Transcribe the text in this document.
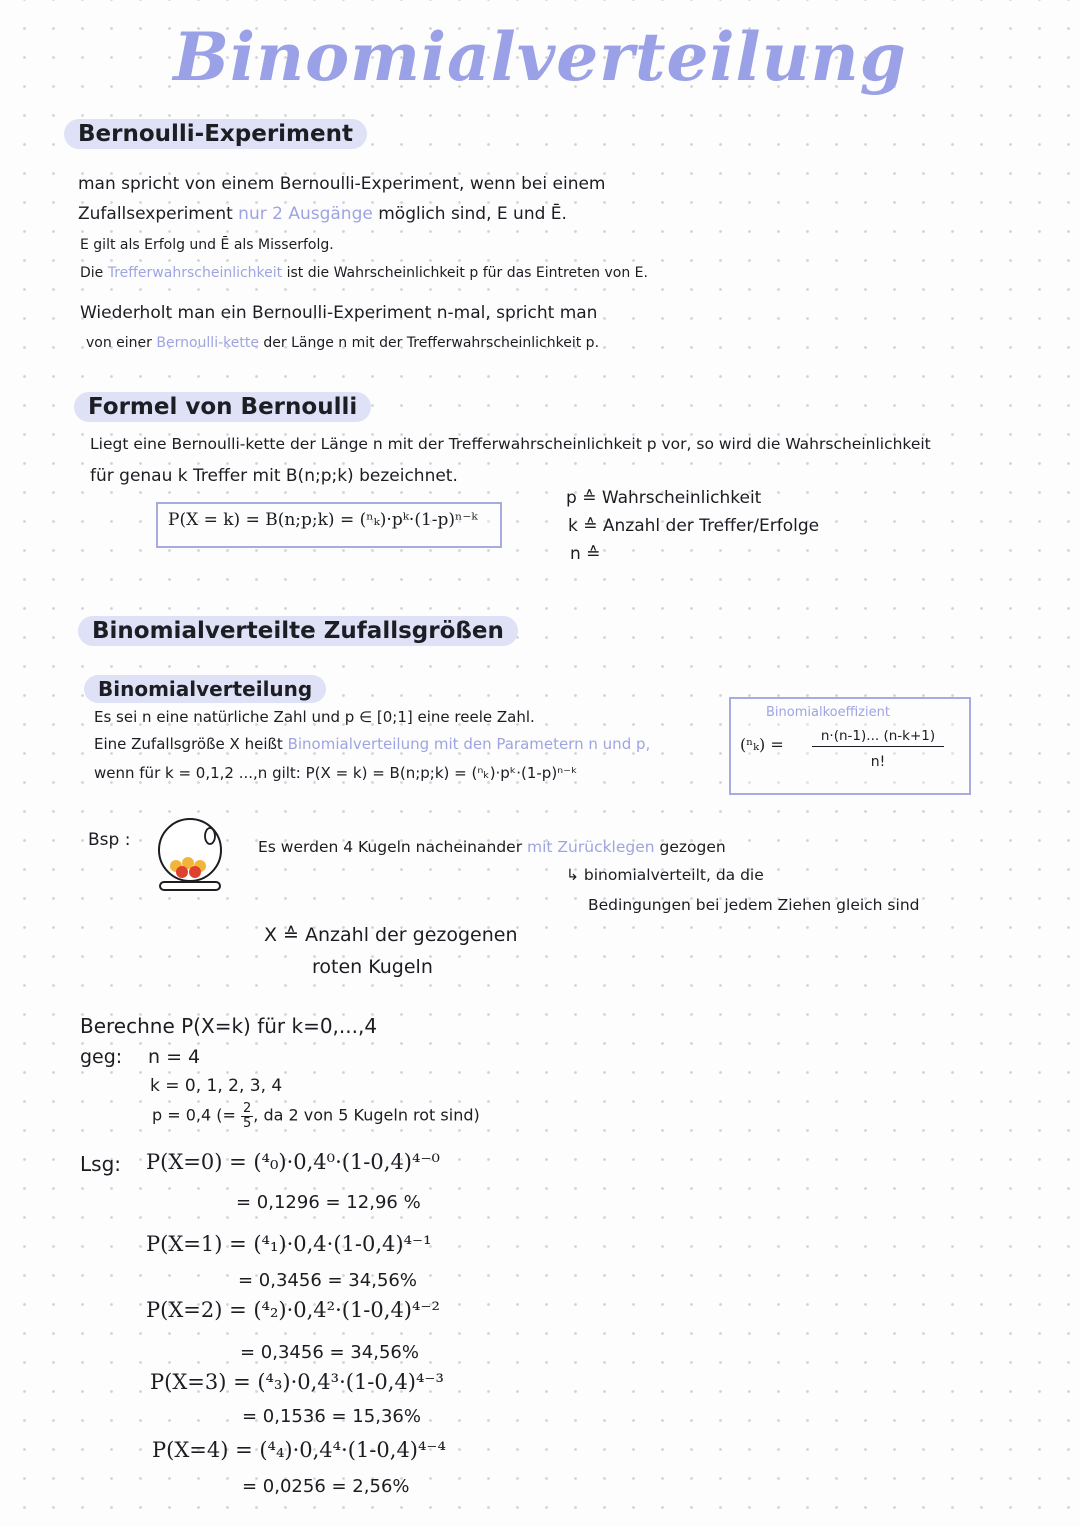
Binomialverteilung
Bernoulli-Experiment
man spricht von einem Bernoulli-Experiment, wenn bei einem
Zufallsexperiment nur 2 Ausgänge möglich sind, E und Ē.
E gilt als Erfolg und Ē als Misserfolg.
Die Trefferwahrscheinlichkeit ist die Wahrscheinlichkeit p für das Eintreten von E.
Wiederholt man ein Bernoulli-Experiment n-mal, spricht man
von einer Bernoulli-kette der Länge n mit der Trefferwahrscheinlichkeit p.
Formel von Bernoulli
Liegt eine Bernoulli-kette der Länge n mit der Trefferwahrscheinlichkeit p vor, so wird die Wahrscheinlichkeit
für genau k Treffer mit B(n;p;k) bezeichnet.
P(X = k) = B(n;p;k) = (ⁿₖ)·pᵏ·(1-p)ⁿ⁻ᵏ
p ≙ Wahrscheinlichkeit
k ≙ Anzahl der Treffer/Erfolge
n ≙
Binomialverteilte Zufallsgrößen
Binomialverteilung
Es sei n eine natürliche Zahl und p ∈ [0;1] eine reele Zahl.
Eine Zufallsgröße X heißt Binomialverteilung mit den Parametern n und p,
wenn für k = 0,1,2 ...,n gilt: P(X = k) = B(n;p;k) = (ⁿₖ)·pᵏ·(1-p)ⁿ⁻ᵏ
Binomialkoeffizient
(ⁿₖ) =	n·(n-1)... (n-k+1)
n!
Bsp :	Es werden 4 Kugeln nacheinander mit Zurücklegen gezogen
↳ binomialverteilt, da die
Bedingungen bei jedem Ziehen gleich sind
X ≙ Anzahl der gezogenen
roten Kugeln
Berechne P(X=k) für k=0,...,4
geg: n = 4
k = 0, 1, 2, 3, 4
p = 0,4 (= $\frac{2}{5}$ , da 2 von 5 Kugeln rot sind)
Lsg: P(X=0) = (⁴₀)·0,4⁰·(1-0,4)⁴⁻⁰
= 0,1296 = 12,96 %
P(X=1) = (⁴₁)·0,4·(1-0,4)⁴⁻¹
= 0,3456 = 34,56%
P(X=2) = (⁴₂)·0,4²·(1-0,4)⁴⁻²
= 0,3456 = 34,56%
P(X=3) = (⁴₃)·0,4³·(1-0,4)⁴⁻³
= 0,1536 = 15,36%
P(X=4) = (⁴₄)·0,4⁴·(1-0,4)⁴⁻⁴
= 0,0256 = 2,56%
